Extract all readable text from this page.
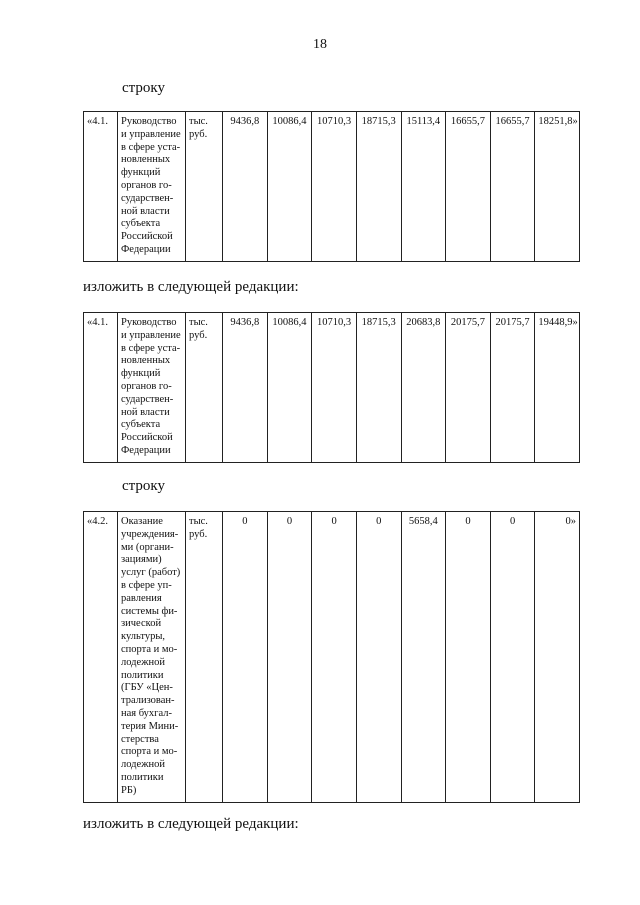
18
строку
«4.1.	Руководство
и управление
в сфере уста-
новленных
функций
органов го-
сударствен-
ной власти
субъекта
Российской
Федерации
	тыс. руб.	9436,8	10086,4	10710,3	18715,3	15113,4	16655,7	16655,7	18251,8»
изложить в следующей редакции:
«4.1.	Руководство
и управление
в сфере уста-
новленных
функций
органов го-
сударствен-
ной власти
субъекта
Российской
Федерации
	тыс. руб.	9436,8	10086,4	10710,3	18715,3	20683,8	20175,7	20175,7	19448,9»
строку
«4.2.	Оказание
учреждения-
ми (органи-
зациями)
услуг (работ)
в сфере уп-
равления
системы фи-
зической
культуры,
спорта и мо-
лодежной
политики
(ГБУ «Цен-
трализован-
ная бухгал-
терия Мини-
стерства
спорта и мо-
лодежной
политики
РБ)
	тыс. руб.	0	0	0	0	5658,4	0	0	0»
изложить в следующей редакции:
